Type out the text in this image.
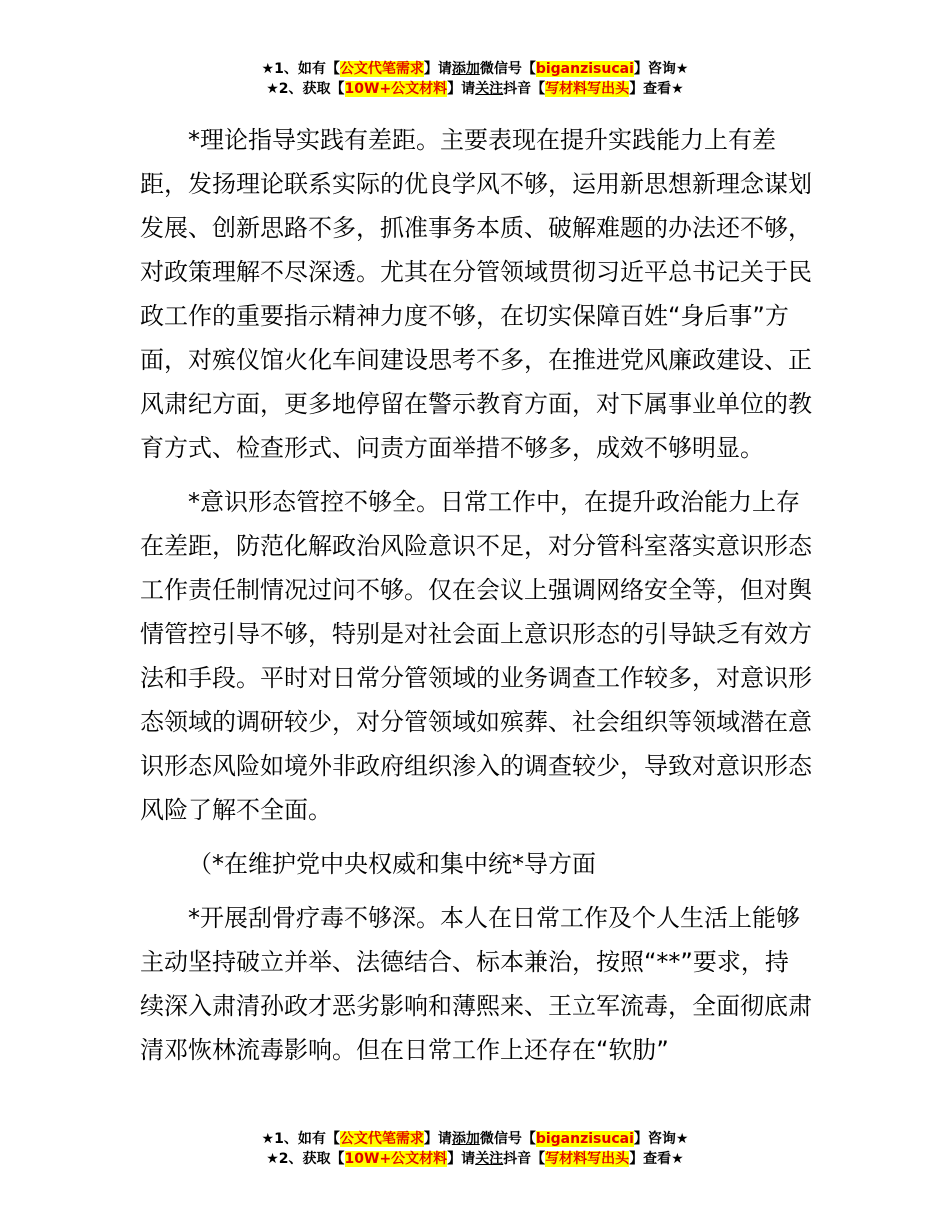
★1、如有【公文代笔需求】请添加微信号【biganzisucai】咨询★
★2、获取【10W+公文材料】请关注抖音【写材料写出头】查看★

*理论指导实践有差距。主要表现在提升实践能力上有差距，发扬理论联系实际的优良学风不够，运用新思想新理念谋划发展、创新思路不多，抓准事务本质、破解难题的办法还不够，对政策理解不尽深透。尤其在分管领域贯彻习近平总书记关于民政工作的重要指示精神力度不够，在切实保障百姓“身后事”方面，对殡仪馆火化车间建设思考不多，在推进党风廉政建设、正风肃纪方面，更多地停留在警示教育方面，对下属事业单位的教育方式、检查形式、问责方面举措不够多，成效不够明显。

*意识形态管控不够全。日常工作中，在提升政治能力上存在差距，防范化解政治风险意识不足，对分管科室落实意识形态工作责任制情况过问不够。仅在会议上强调网络安全等，但对舆情管控引导不够，特别是对社会面上意识形态的引导缺乏有效方法和手段。平时对日常分管领域的业务调查工作较多，对意识形态领域的调研较少，对分管领域如殡葬、社会组织等领域潜在意识形态风险如境外非政府组织渗入的调查较少，导致对意识形态风险了解不全面。

（*在维护党中央权威和集中统*导方面

*开展刮骨疗毒不够深。本人在日常工作及个人生活上能够主动坚持破立并举、法德结合、标本兼治，按照“**”要求，持续深入肃清孙政才恶劣影响和薄熙来、王立军流毒，全面彻底肃清邓恢林流毒影响。但在日常工作上还存在“软肋”

★1、如有【公文代笔需求】请添加微信号【biganzisucai】咨询★
★2、获取【10W+公文材料】请关注抖音【写材料写出头】查看★
